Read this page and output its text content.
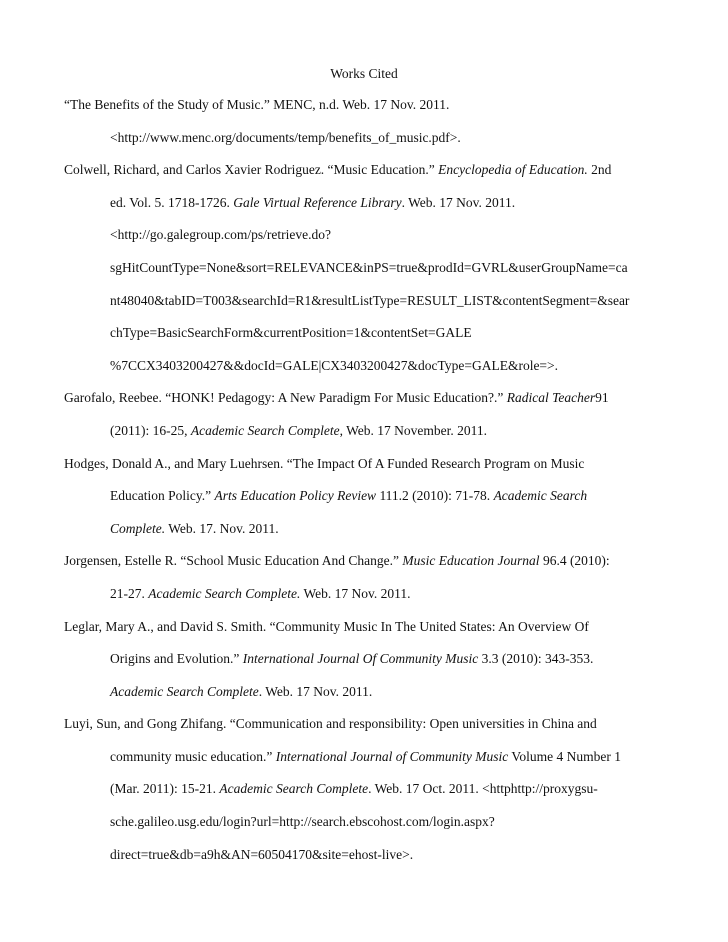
Works Cited
“The Benefits of the Study of Music.” MENC, n.d. Web. 17 Nov. 2011.
<http://www.menc.org/documents/temp/benefits_of_music.pdf>.
Colwell, Richard, and Carlos Xavier Rodriguez. “Music Education.” Encyclopedia of Education. 2nd
ed. Vol. 5. 1718-1726. Gale Virtual Reference Library. Web. 17 Nov. 2011.
<http://go.galegroup.com/ps/retrieve.do?
sgHitCountType=None&sort=RELEVANCE&inPS=true&prodId=GVRL&userGroupName=ca
nt48040&tabID=T003&searchId=R1&resultListType=RESULT_LIST&contentSegment=&sear
chType=BasicSearchForm&currentPosition=1&contentSet=GALE
%7CCX3403200427&&docId=GALE|CX3403200427&docType=GALE&role=>.
Garofalo, Reebee. “HONK! Pedagogy: A New Paradigm For Music Education?.” Radical Teacher91
(2011): 16-25, Academic Search Complete, Web. 17 November. 2011.
Hodges, Donald A., and Mary Luehrsen. “The Impact Of A Funded Research Program on Music
Education Policy.” Arts Education Policy Review 111.2 (2010): 71-78. Academic Search
Complete. Web. 17. Nov. 2011.
Jorgensen, Estelle R. “School Music Education And Change.” Music Education Journal 96.4 (2010):
21-27. Academic Search Complete. Web. 17 Nov. 2011.
Leglar, Mary A., and David S. Smith. “Community Music In The United States: An Overview Of
Origins and Evolution.” International Journal Of Community Music 3.3 (2010): 343-353.
Academic Search Complete. Web. 17 Nov. 2011.
Luyi, Sun, and Gong Zhifang. “Communication and responsibility: Open universities in China and
community music education.” International Journal of Community Music Volume 4 Number 1
(Mar. 2011): 15-21. Academic Search Complete. Web. 17 Oct. 2011. <httphttp://proxygsu-
sche.galileo.usg.edu/login?url=http://search.ebscohost.com/login.aspx?
direct=true&db=a9h&AN=60504170&site=ehost-live>.
